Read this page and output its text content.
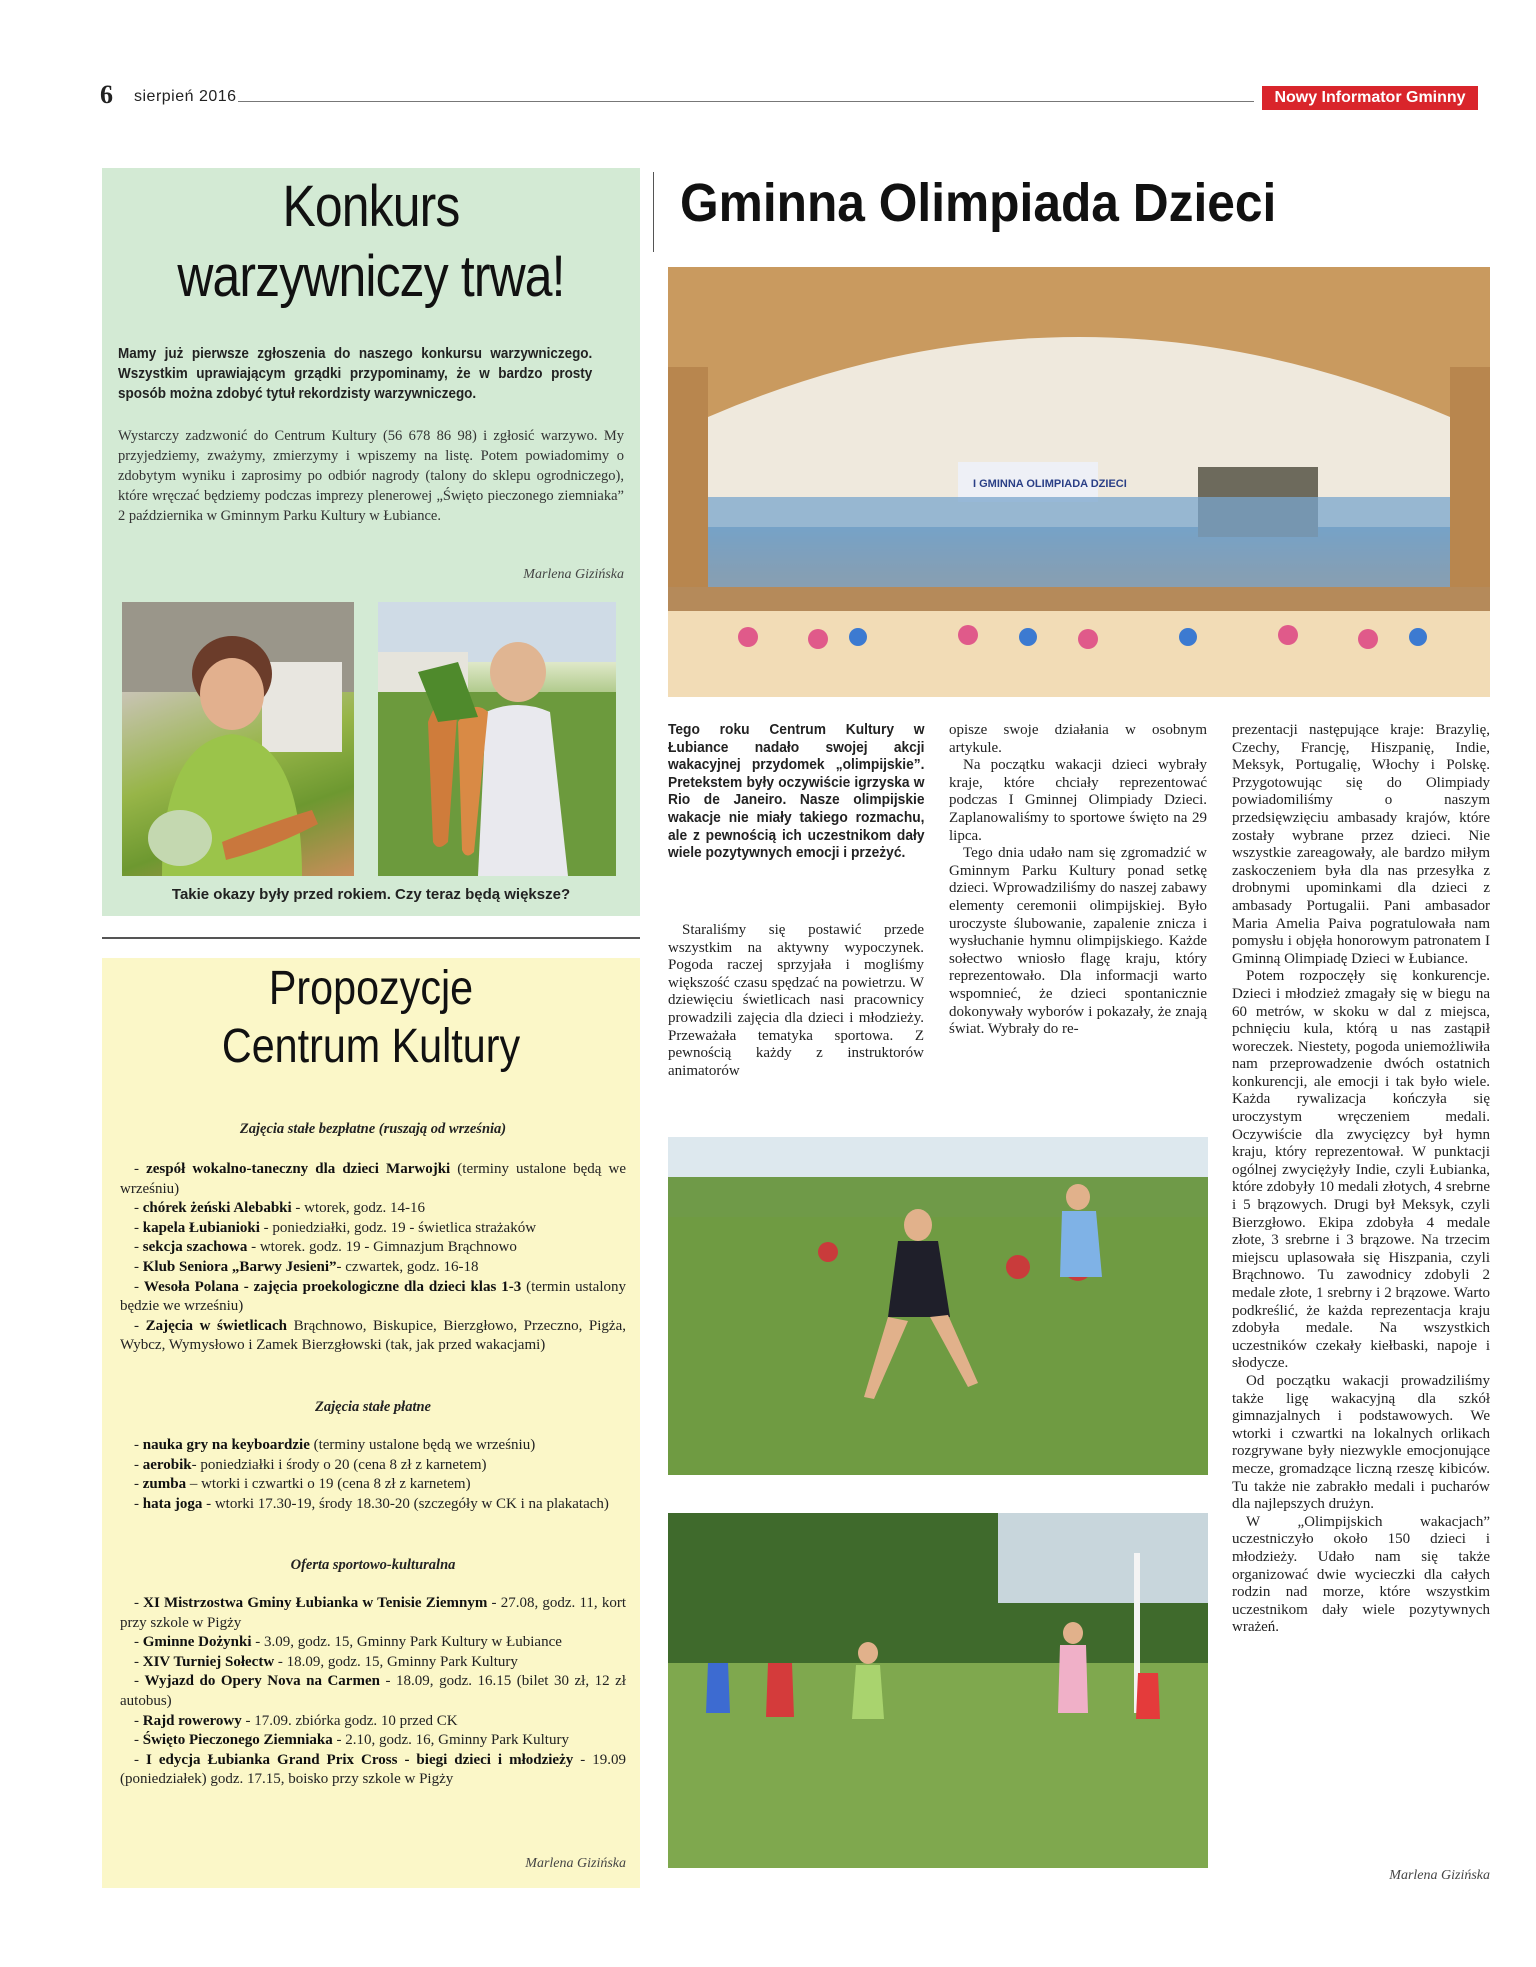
6 sierpień 2016	Nowy Informator Gminny
Konkurs
warzywniczy trwa!
Mamy już pierwsze zgłoszenia do naszego konkursu warzywniczego. Wszystkim uprawiającym grządki przypominamy, że w bardzo prosty sposób można zdobyć tytuł rekordzisty warzywniczego.
Wystarczy zadzwonić do Centrum Kultury (56 678 86 98) i zgłosić warzywo. My przyjedziemy, zważymy, zmierzymy i wpiszemy na listę. Potem powiadomimy o zdobytym wyniku i zaprosimy po odbiór nagrody (talony do sklepu ogrodniczego), które wręczać będziemy podczas imprezy plenerowej „Święto pieczonego ziemniaka” 2 października w Gminnym Parku Kultury w Łubiance.
Marlena Gizińska
Takie okazy były przed rokiem. Czy teraz będą większe?
Propozycje
Centrum Kultury
Zajęcia stałe bezpłatne (ruszają od września)

- zespół wokalno-taneczny dla dzieci Marwojki (terminy ustalone będą we wrześniu)

- chórek żeński Alebabki - wtorek, godz. 14-16

- kapela Łubianioki - poniedziałki, godz. 19 - świetlica strażaków

- sekcja szachowa - wtorek. godz. 19 - Gimnazjum Brąchnowo

- Klub Seniora „Barwy Jesieni”- czwartek, godz. 16-18

- Wesoła Polana - zajęcia proekologiczne dla dzieci klas 1-3 (termin ustalony będzie we wrześniu)

- Zajęcia w świetlicach Brąchnowo, Biskupice, Bierzgłowo, Przeczno, Pigża, Wybcz, Wymysłowo i Zamek Bierzgłowski (tak, jak przed wakacjami)

Zajęcia stałe płatne

- nauka gry na keyboardzie (terminy ustalone będą we wrześniu)

- aerobik- poniedziałki i środy o 20 (cena 8 zł z karnetem)

- zumba – wtorki i czwartki o 19 (cena 8 zł z karnetem)

- hata joga - wtorki 17.30-19, środy 18.30-20 (szczegóły w CK i na plakatach)

Oferta sportowo-kulturalna

- XI Mistrzostwa Gminy Łubianka w Tenisie Ziemnym - 27.08, godz. 11, kort przy szkole w Pigży

- Gminne Dożynki - 3.09, godz. 15, Gminny Park Kultury w Łubiance

- XIV Turniej Sołectw - 18.09, godz. 15, Gminny Park Kultury

- Wyjazd do Opery Nova na Carmen - 18.09, godz. 16.15 (bilet 30 zł, 12 zł autobus)

- Rajd rowerowy - 17.09. zbiórka godz. 10 przed CK

- Święto Pieczonego Ziemniaka - 2.10, godz. 16, Gminny Park Kultury

- I edycja Łubianka Grand Prix Cross - biegi dzieci i młodzieży - 19.09 (poniedziałek) godz. 17.15, boisko przy szkole w Pigży

Marlena Gizińska
Gminna Olimpiada Dzieci
I GMINNA OLIMPIADA DZIECI
Tego roku Centrum Kultury w Łubiance nadało swojej akcji wakacyjnej przydomek „olimpijskie”. Pretekstem były oczywiście igrzyska w Rio de Janeiro. Nasze olimpijskie wakacje nie miały takiego rozmachu, ale z pewnością ich uczestnikom dały wiele pozytywnych emocji i przeżyć.
Staraliśmy się postawić przede wszystkim na aktywny wypoczynek. Pogoda raczej sprzyjała i mogliśmy większość czasu spędzać na powietrzu. W dziewięciu świetlicach nasi pracownicy prowadzili zajęcia dla dzieci i młodzieży. Przeważała tematyka sportowa. Z pewnością każdy z instruktorów animatorów

opisze swoje działania w osobnym artykule.

Na początku wakacji dzieci wybrały kraje, które chciały reprezentować podczas I Gminnej Olimpiady Dzieci. Zaplanowaliśmy to sportowe święto na 29 lipca.

Tego dnia udało nam się zgromadzić w Gminnym Parku Kultury ponad setkę dzieci. Wprowadziliśmy do naszej zabawy elementy ceremonii olimpijskiej. Było uroczyste ślubowanie, zapalenie znicza i wysłuchanie hymnu olimpijskiego. Każde sołectwo wniosło flagę kraju, który reprezentowało. Dla informacji warto wspomnieć, że dzieci spontanicznie dokonywały wyborów i pokazały, że znają świat. Wybrały do re-

prezentacji następujące kraje: Brazylię, Czechy, Francję, Hiszpanię, Indie, Meksyk, Portugalię, Włochy i Polskę. Przygotowując się do Olimpiady powiadomiliśmy o naszym przedsięwzięciu ambasady krajów, które zostały wybrane przez dzieci. Nie wszystkie zareagowały, ale bardzo miłym zaskoczeniem była dla nas przesyłka z drobnymi upominkami dla dzieci z ambasady Portugalii. Pani ambasador Maria Amelia Paiva pogratulowała nam pomysłu i objęła honorowym patronatem I Gminną Olimpiadę Dzieci w Łubiance.

Potem rozpoczęły się konkurencje. Dzieci i młodzież zmagały się w biegu na 60 metrów, w skoku w dal z miejsca, pchnięciu kula, którą u nas zastąpił woreczek. Niestety, pogoda uniemożliwiła nam przeprowadzenie dwóch ostatnich konkurencji, ale emocji i tak było wiele. Każda rywalizacja kończyła się uroczystym wręczeniem medali. Oczywiście dla zwycięzcy był hymn kraju, który reprezentował. W punktacji ogólnej zwyciężyły Indie, czyli Łubianka, które zdobyły 10 medali złotych, 4 srebrne i 5 brązowych. Drugi był Meksyk, czyli Bierzgłowo. Ekipa zdobyła 4 medale złote, 3 srebrne i 3 brązowe. Na trzecim miejscu uplasowała się Hiszpania, czyli Brąchnowo. Tu zawodnicy zdobyli 2 medale złote, 1 srebrny i 2 brązowe. Warto podkreślić, że każda reprezentacja kraju zdobyła medale. Na wszystkich uczestników czekały kiełbaski, napoje i słodycze.

Od początku wakacji prowadziliśmy także ligę wakacyjną dla szkół gimnazjalnych i podstawowych. We wtorki i czwartki na lokalnych orlikach rozgrywane były niezwykle emocjonujące mecze, gromadzące liczną rzeszę kibiców. Tu także nie zabrakło medali i pucharów dla najlepszych drużyn.

W „Olimpijskich wakacjach” uczestniczyło około 150 dzieci i młodzieży. Udało nam się także organizować dwie wycieczki dla całych rodzin nad morze, które wszystkim uczestnikom dały wiele pozytywnych wrażeń.

Marlena Gizińska
